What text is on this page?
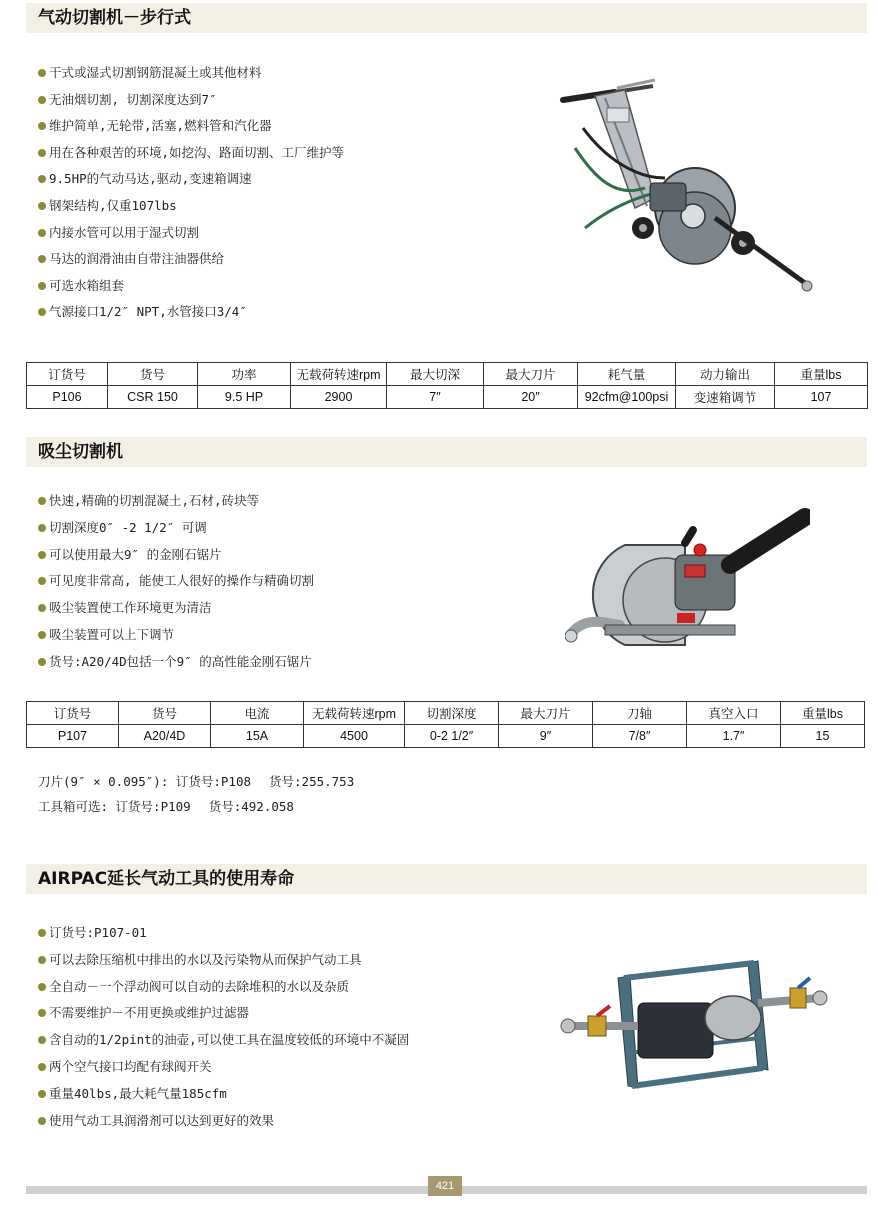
气动切割机－步行式
干式或湿式切割钢筋混凝土或其他材料
无油烟切割, 切割深度达到7″
维护简单,无轮带,活塞,燃料管和汽化器
用在各种艰苦的环境,如挖沟、路面切割、工厂维护等
9.5HP的气动马达,驱动,变速箱调速
钢架结构,仅重107lbs
内接水管可以用于湿式切割
马达的润滑油由自带注油器供给
可选水箱组套
气源接口1/2″ NPT,水管接口3/4″
订货号	货号	功率	无载荷转速rpm	最大切深	最大刀片	耗气量	动力输出	重量lbs
P106	CSR 150	9.5 HP	2900	7″	20″	92cfm@100psi	变速箱调节	107
吸尘切割机
快速,精确的切割混凝土,石材,砖块等
切割深度0″ -2 1/2″ 可调
可以使用最大9″ 的金刚石锯片
可见度非常高, 能使工人很好的操作与精确切割
吸尘装置使工作环境更为清洁
吸尘装置可以上下调节
货号:A20/4D包括一个9″ 的高性能金刚石锯片
订货号	货号	电流	无载荷转速rpm	切割深度	最大刀片	刀轴	真空入口	重量lbs
P107	A20/4D	15A	4500	0-2 1/2″	9″	7/8″	1.7″	15
刀片(9″ × 0.095″): 订货号:P108 货号:255.753
工具箱可选: 订货号:P109 货号:492.058
AIRPAC延长气动工具的使用寿命
订货号:P107-01
可以去除压缩机中排出的水以及污染物从而保护气动工具
全自动－一个浮动阀可以自动的去除堆积的水以及杂质
不需要维护－不用更换或维护过滤器
含自动的1/2pint的油壶,可以使工具在温度较低的环境中不凝固
两个空气接口均配有球阀开关
重量40lbs,最大耗气量185cfm
使用气动工具润滑剂可以达到更好的效果
421
